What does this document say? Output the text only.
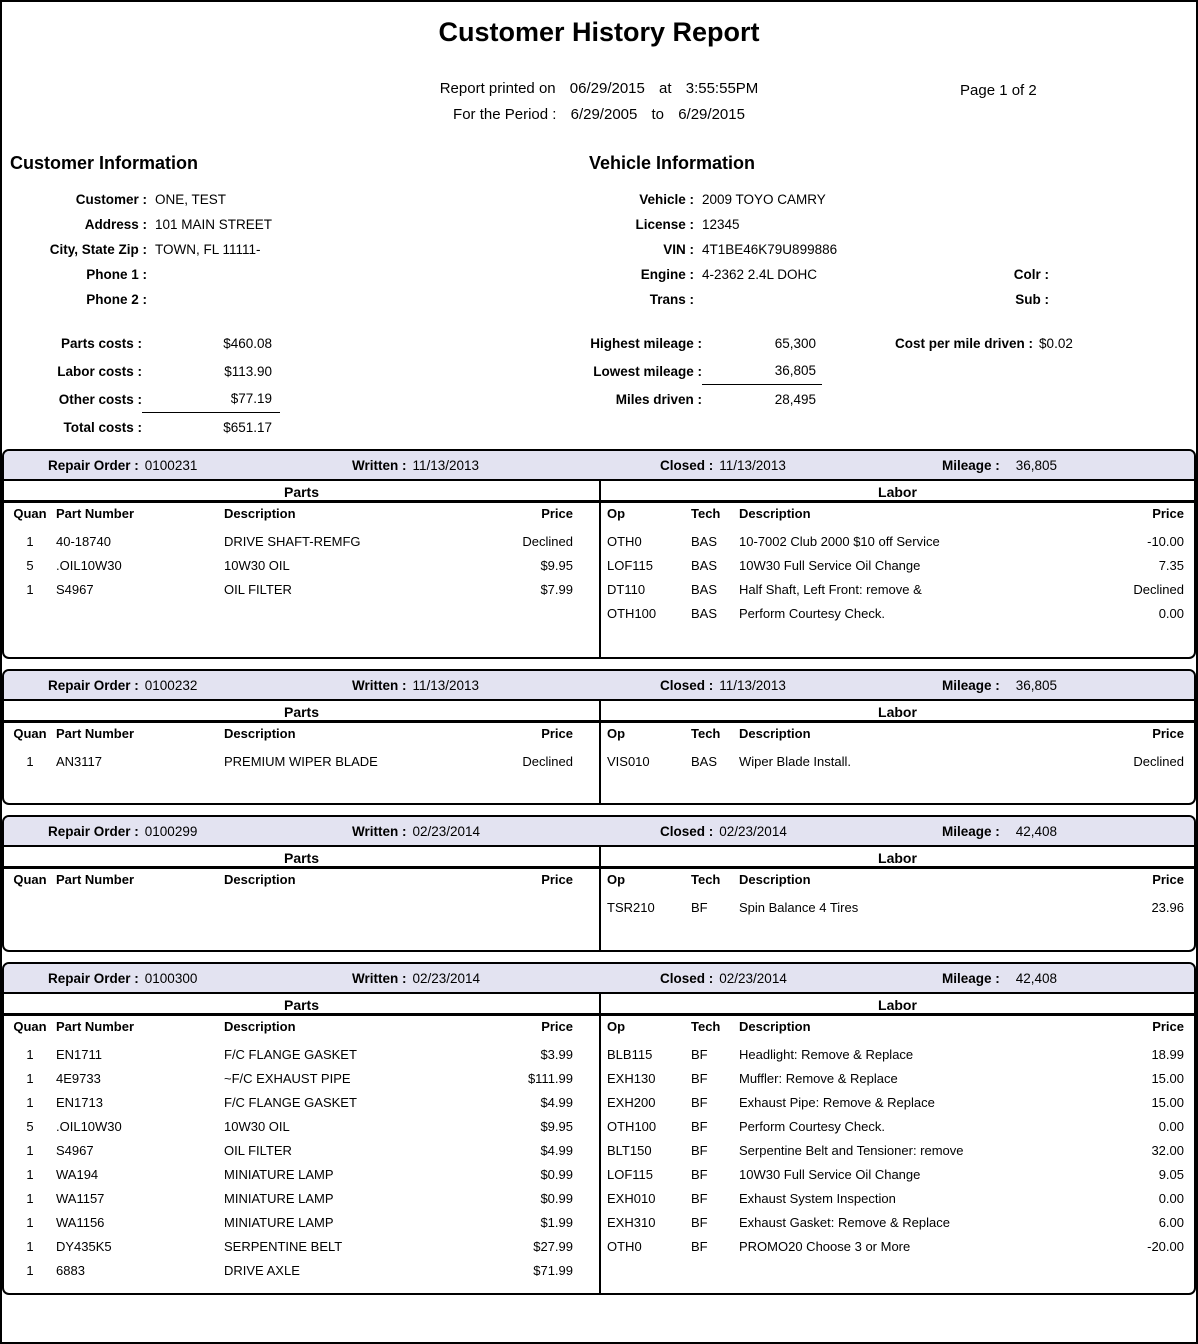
Customer History Report
Report printed on 06/29/2015 at 3:55:55PM
For the Period : 6/29/2005 to 6/29/2015
Page 1 of 2
Customer Information	Vehicle Information
Customer : ONE, TEST
Address : 101 MAIN STREET
City, State Zip : TOWN, FL 11111-
Phone 1 :
Phone 2 :
Vehicle : 2009 TOYO CAMRY
License : 12345
VIN : 4T1BE46K79U899886
Engine : 4-2362 2.4L DOHC	Colr :
Trans :	Sub :
Parts costs :	$460.08
Labor costs :	$113.90
Other costs :	$77.19
Total costs :	$651.17
Highest mileage :	65,300
Lowest mileage :	36,805
Miles driven :	28,495
Cost per mile driven : $0.02
Repair Order : 0100231	Written : 11/13/2013	Closed : 11/13/2013	Mileage : 36,805
Parts
Quan Part Number	Description	Price
1	40-18740	DRIVE SHAFT-REMFG	Declined
5	.OIL10W30	10W30 OIL	$9.95
1	S4967	OIL FILTER	$7.99
Labor
Op	Tech	Description	Price
OTH0	BAS	10-7002 Club 2000 $10 off Service	-10.00
LOF115	BAS	10W30 Full Service Oil Change	7.35
DT110	BAS	Half Shaft, Left Front: remove &	Declined
OTH100	BAS	Perform Courtesy Check.	0.00
Repair Order : 0100232	Written : 11/13/2013	Closed : 11/13/2013	Mileage : 36,805
Parts
Quan Part Number	Description	Price
1	AN3117	PREMIUM WIPER BLADE	Declined
Labor
Op	Tech	Description	Price
VIS010	BAS	Wiper Blade Install.	Declined
Repair Order : 0100299	Written : 02/23/2014	Closed : 02/23/2014	Mileage : 42,408
Parts
Quan Part Number	Description	Price
Labor
Op	Tech	Description	Price
TSR210	BF	Spin Balance 4 Tires	23.96
Repair Order : 0100300	Written : 02/23/2014	Closed : 02/23/2014	Mileage : 42,408
Parts
Quan Part Number	Description	Price
1	EN1711	F/C FLANGE GASKET	$3.99
1	4E9733	~F/C EXHAUST PIPE	$111.99
1	EN1713	F/C FLANGE GASKET	$4.99
5	.OIL10W30	10W30 OIL	$9.95
1	S4967	OIL FILTER	$4.99
1	WA194	MINIATURE LAMP	$0.99
1	WA1157	MINIATURE LAMP	$0.99
1	WA1156	MINIATURE LAMP	$1.99
1	DY435K5	SERPENTINE BELT	$27.99
1	6883	DRIVE AXLE	$71.99
Labor
Op	Tech	Description	Price
BLB115	BF	Headlight: Remove & Replace	18.99
EXH130	BF	Muffler: Remove & Replace	15.00
EXH200	BF	Exhaust Pipe: Remove & Replace	15.00
OTH100	BF	Perform Courtesy Check.	0.00
BLT150	BF	Serpentine Belt and Tensioner: remove	32.00
LOF115	BF	10W30 Full Service Oil Change	9.05
EXH010	BF	Exhaust System Inspection	0.00
EXH310	BF	Exhaust Gasket: Remove & Replace	6.00
OTH0	BF	PROMO20 Choose 3 or More	-20.00
